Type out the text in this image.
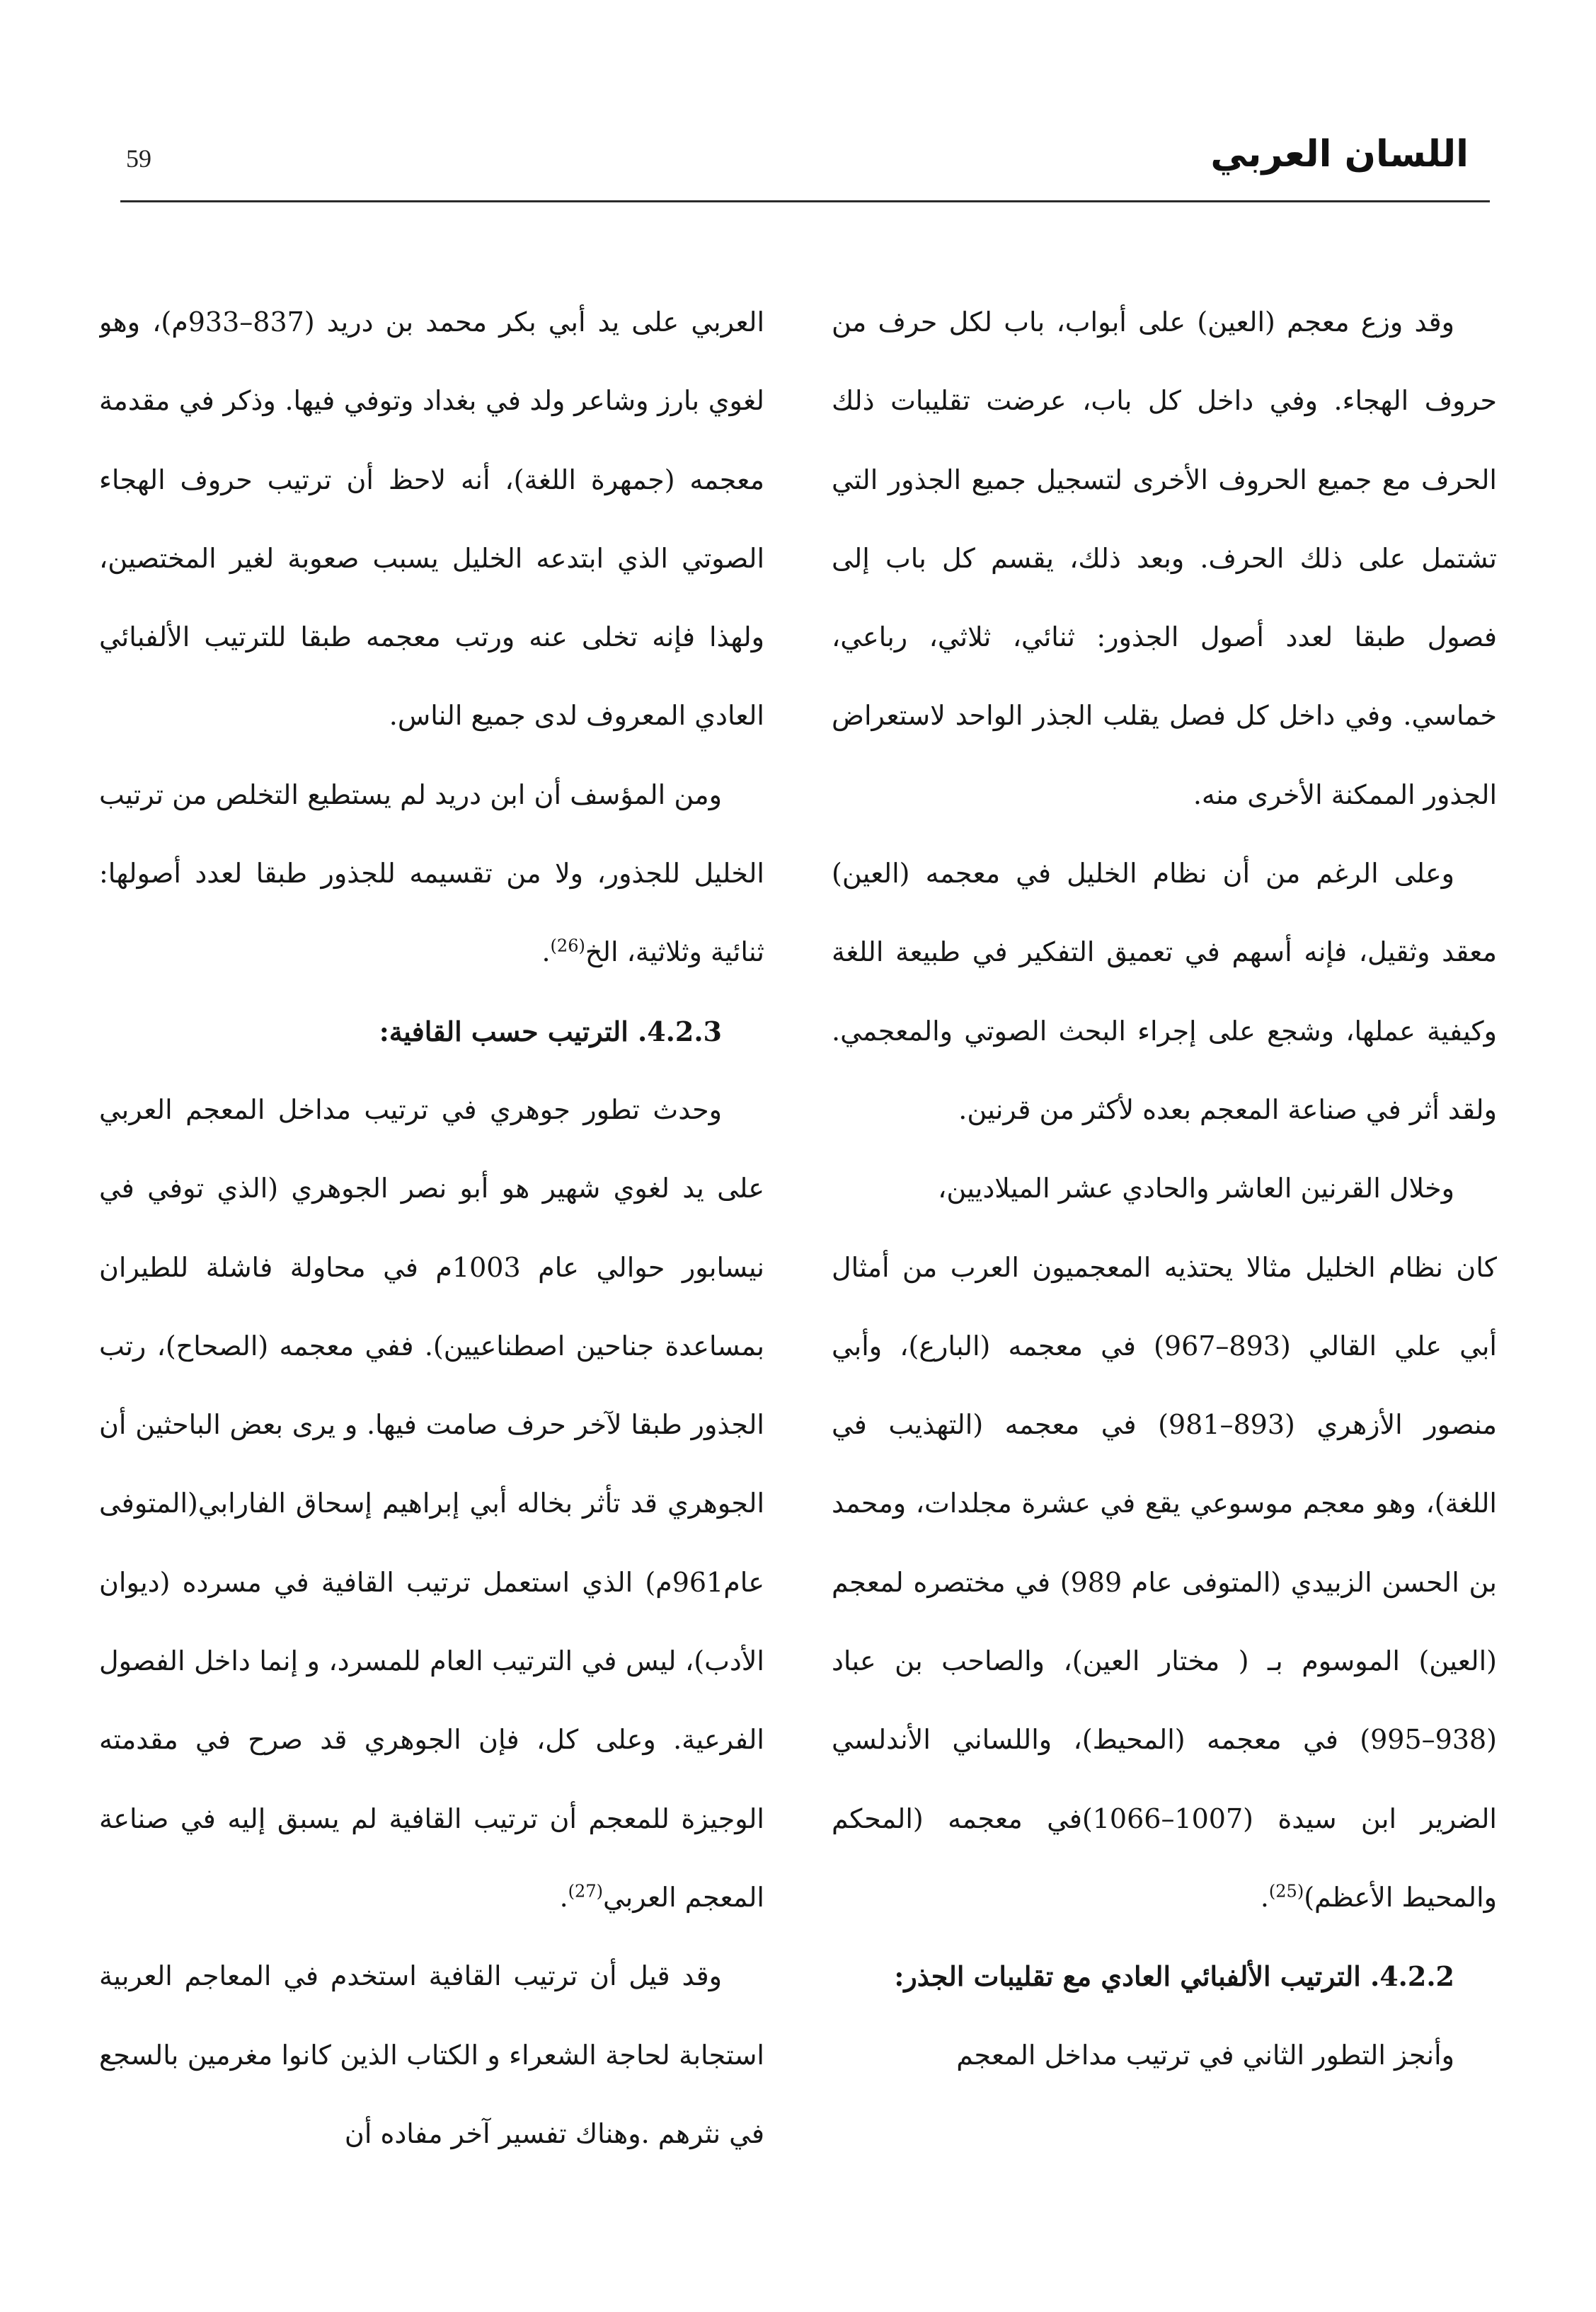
اللسان العربي
59

وقد وزع معجم (العين) على أبواب، باب لكل حرف من حروف الهجاء. وفي داخل كل باب، عرضت تقليبات ذلك الحرف مع جميع الحروف الأخرى لتسجيل جميع الجذور التي تشتمل على ذلك الحرف. وبعد ذلك، يقسم كل باب إلى فصول طبقا لعدد أصول الجذور: ثنائي، ثلاثي، رباعي، خماسي. وفي داخل كل فصل يقلب الجذر الواحد لاستعراض الجذور الممكنة الأخرى منه.

وعلى الرغم من أن نظام الخليل في معجمه (العين) معقد وثقيل، فإنه أسهم في تعميق التفكير في طبيعة اللغة وكيفية عملها، وشجع على إجراء البحث الصوتي والمعجمي. ولقد أثر في صناعة المعجم بعده لأكثر من قرنين.

وخلال القرنين العاشر والحادي عشر الميلاديين،

كان نظام الخليل مثالا يحتذيه المعجميون العرب من أمثال أبي علي القالي (893–967) في معجمه (البارع)، وأبي منصور الأزهري (893–981) في معجمه (التهذيب في اللغة)، وهو معجم موسوعي يقع في عشرة مجلدات، ومحمد بن الحسن الزبيدي (المتوفى عام 989) في مختصره لمعجم (العين) الموسوم بـ ( مختار العين)، والصاحب بن عباد (938–995) في معجمه (المحيط)، واللساني الأندلسي الضرير ابن سيدة (1007–1066)في معجمه (المحكم والمحيط الأعظم)$^{(25)}$.

4.2.2. الترتيب الألفبائي العادي مع تقليبات الجذر:

وأنجز التطور الثاني في ترتيب مداخل المعجم

العربي على يد أبي بكر محمد بن دريد (837–933م)، وهو لغوي بارز وشاعر ولد في بغداد وتوفي فيها. وذكر في مقدمة معجمه (جمهرة اللغة)، أنه لاحظ أن ترتيب حروف الهجاء الصوتي الذي ابتدعه الخليل يسبب صعوبة لغير المختصين، ولهذا فإنه تخلى عنه ورتب معجمه طبقا للترتيب الألفبائي العادي المعروف لدى جميع الناس.

ومن المؤسف أن ابن دريد لم يستطيع التخلص من ترتيب الخليل للجذور، ولا من تقسيمه للجذور طبقا لعدد أصولها: ثنائية وثلاثية، الخ$^{(26)}$.

4.2.3. الترتيب حسب القافية:

وحدث تطور جوهري في ترتيب مداخل المعجم العربي على يد لغوي شهير هو أبو نصر الجوهري (الذي توفي في نيسابور حوالي عام 1003م في محاولة فاشلة للطيران بمساعدة جناحين اصطناعيين). ففي معجمه (الصحاح)، رتب الجذور طبقا لآخر حرف صامت فيها. و يرى بعض الباحثين أن الجوهري قد تأثر بخاله أبي إبراهيم إسحاق الفارابي(المتوفى عام961م) الذي استعمل ترتيب القافية في مسرده (ديوان الأدب)، ليس في الترتيب العام للمسرد، و إنما داخل الفصول الفرعية. وعلى كل، فإن الجوهري قد صرح في مقدمته الوجيزة للمعجم أن ترتيب القافية لم يسبق إليه في صناعة المعجم العربي$^{(27)}$.

وقد قيل أن ترتيب القافية استخدم في المعاجم العربية استجابة لحاجة الشعراء و الكتاب الذين كانوا مغرمين بالسجع في نثرهم .وهناك تفسير آخر مفاده أن
